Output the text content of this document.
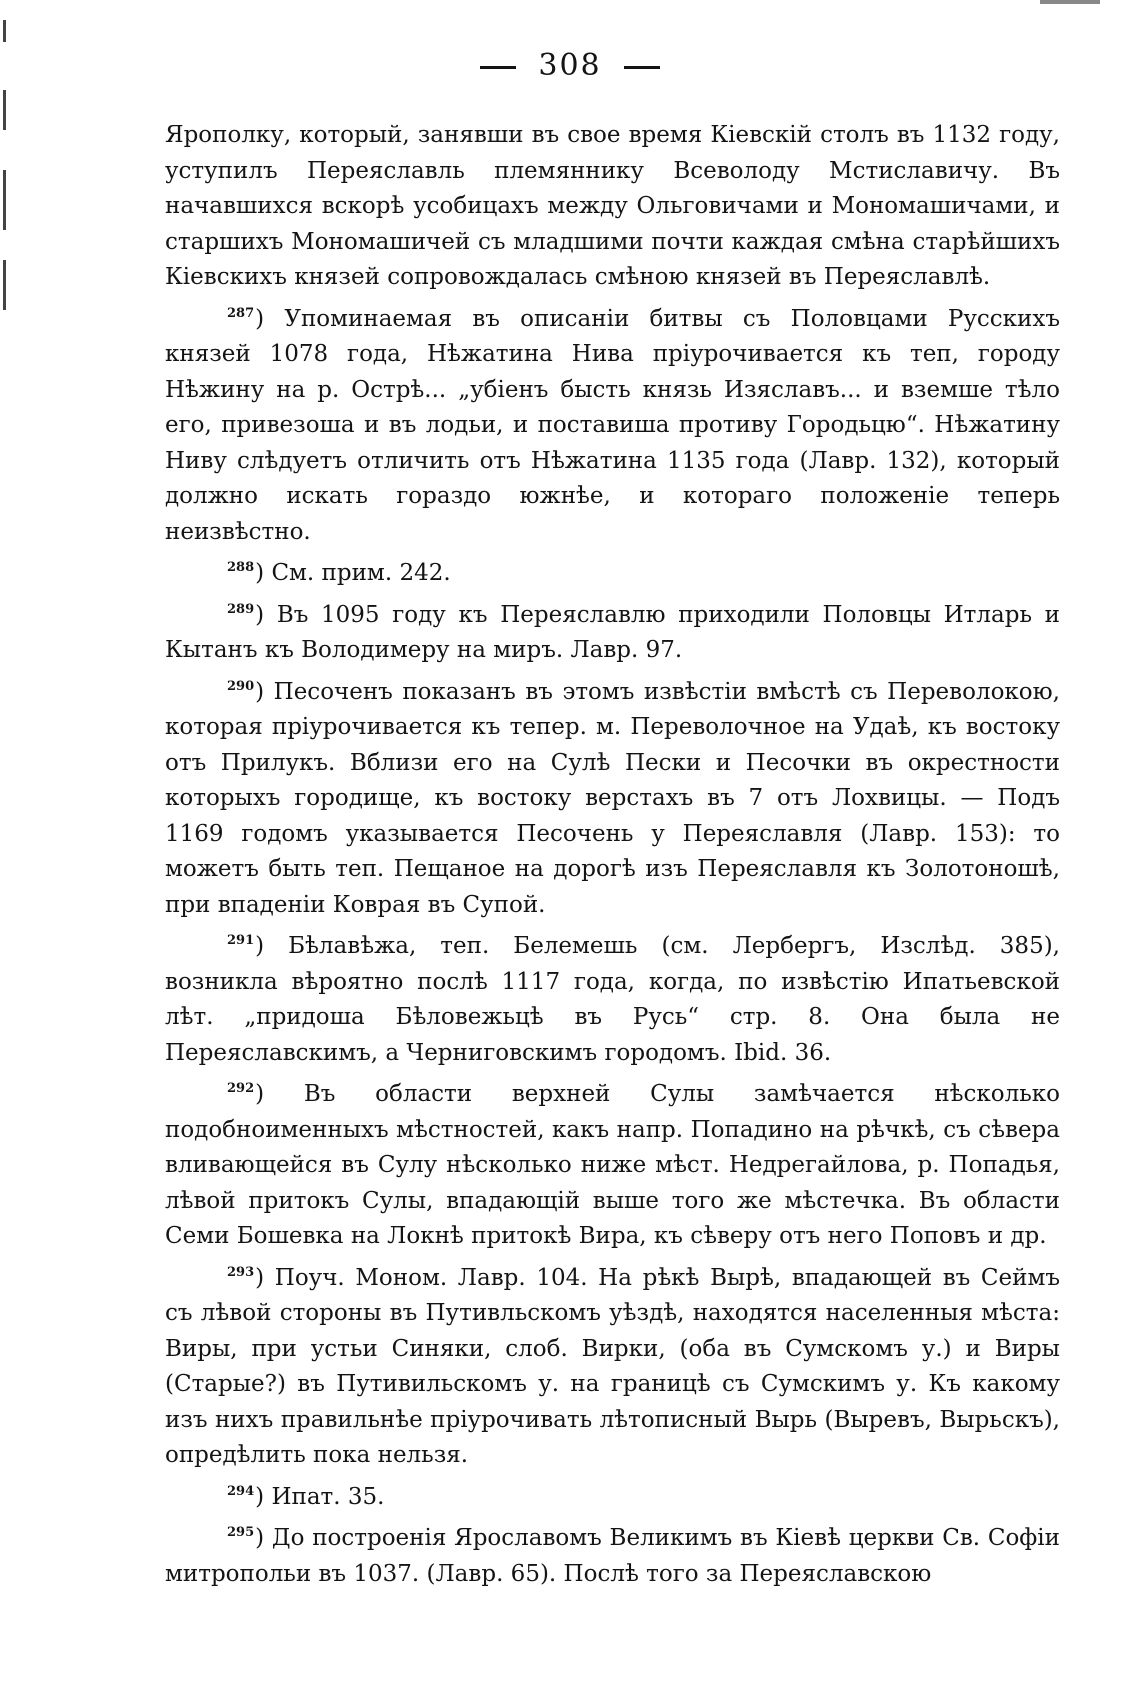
308

Ярополку, который, занявши въ свое время Кіевскій столъ въ 1132 году, уступилъ Переяславль племяннику Всеволоду Мстиславичу. Въ начавшихся вскорѣ усобицахъ между Ольговичами и Мономашичами, и старшихъ Мономашичей съ младшими почти каждая смѣна старѣйшихъ Кіевскихъ князей сопровождалась смѣною князей въ Переяславлѣ.

$^{287}$) Упоминаемая въ описаніи битвы съ Половцами Русскихъ князей 1078 года, Нѣжатина Нива пріурочивается къ теп, городу Нѣжину на р. Острѣ... „убіенъ бысть князь Изяславъ... и вземше тѣло его, привезоша и въ лодьи, и поставиша противу Городьцю“. Нѣжатину Ниву слѣдуетъ отличить отъ Нѣжатина 1135 года (Лавр. 132), который должно искать гораздо южнѣе, и котораго положеніе теперь неизвѣстно.

$^{288}$) См. прим. 242.

$^{289}$) Въ 1095 году къ Переяславлю приходили Половцы Итларь и Кытанъ къ Володимеру на миръ. Лавр. 97.

$^{290}$) Песоченъ показанъ въ этомъ извѣстіи вмѣстѣ съ Переволокою, которая пріурочивается къ тепер. м. Переволочное на Удаѣ, къ востоку отъ Прилукъ. Вблизи его на Сулѣ Пески и Песочки въ окрестности которыхъ городище, къ востоку верстахъ въ 7 отъ Лохвицы. — Подъ 1169 годомъ указывается Песочень у Переяславля (Лавр. 153): то можетъ быть теп. Пещаное на дорогѣ изъ Переяславля къ Золотоношѣ, при впаденіи Коврая въ Супой.

$^{291}$) Бѣлавѣжа, теп. Белемешь (см. Лербергъ, Изслѣд. 385), возникла вѣроятно послѣ 1117 года, когда, по извѣстію Ипатьевской лѣт. „придоша Бѣловежьцѣ въ Русь“ стр. 8. Она была не Переяславскимъ, а Черниговскимъ городомъ. Ibid. 36.

$^{292}$) Въ области верхней Сулы замѣчается нѣсколько подобноименныхъ мѣстностей, какъ напр. Попадино на рѣчкѣ, съ сѣвера вливающейся въ Сулу нѣсколько ниже мѣст. Недрегайлова, р. Попадья, лѣвой притокъ Сулы, впадающій выше того же мѣстечка. Въ области Семи Бошевка на Локнѣ притокѣ Вира, къ сѣверу отъ него Поповъ и др.

$^{293}$) Поуч. Моном. Лавр. 104. На рѣкѣ Вырѣ, впадающей въ Сеймъ съ лѣвой стороны въ Путивльскомъ уѣздѣ, находятся населенныя мѣста: Виры, при устьи Синяки, слоб. Вирки, (оба въ Сумскомъ у.) и Виры (Старые?) въ Путивильскомъ у. на границѣ съ Сумскимъ у. Къ какому изъ нихъ правильнѣе пріурочивать лѣтописный Вырь (Выревъ, Вырьскъ), опредѣлить пока нельзя.

$^{294}$) Ипат. 35.

$^{295}$) До построенія Ярославомъ Великимъ въ Кіевѣ церкви Св. Софіи митропольи въ 1037. (Лавр. 65). Послѣ того за Переяславскою
